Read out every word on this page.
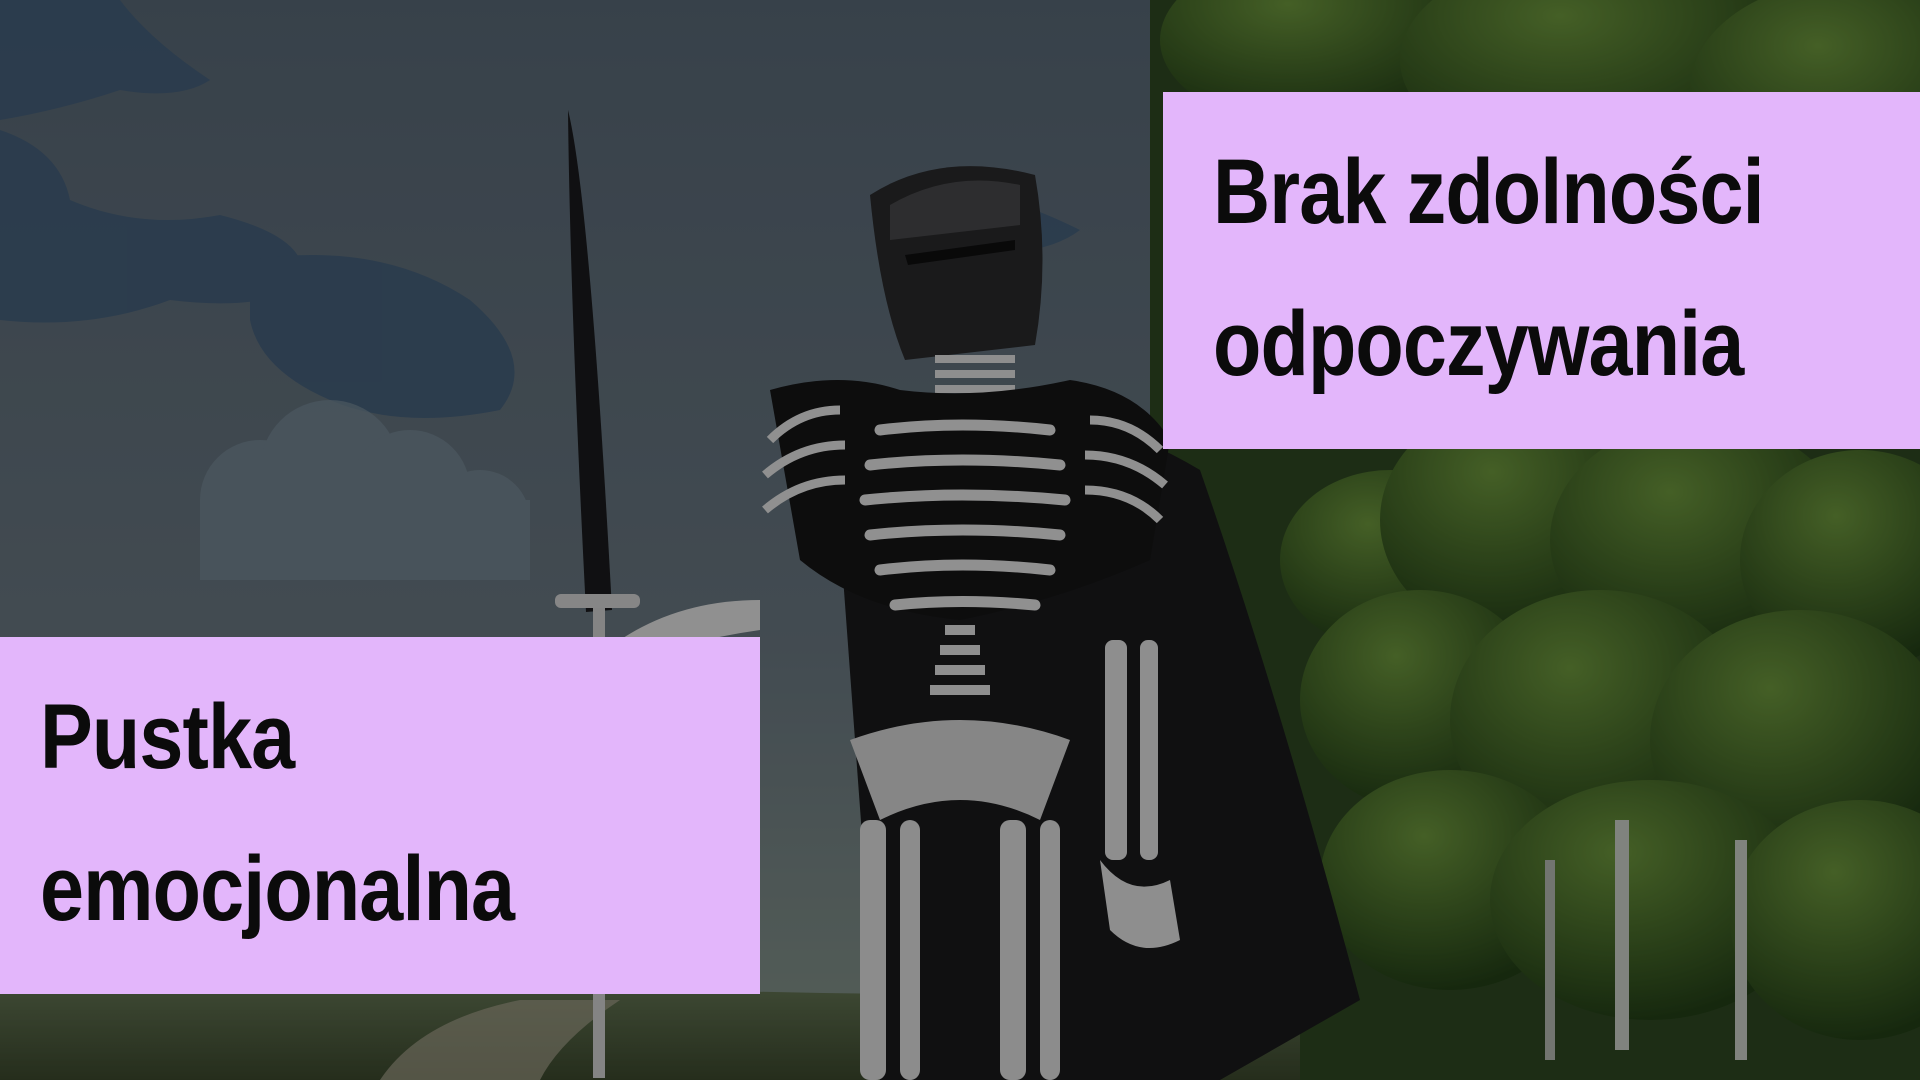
Brak zdolności
odpoczywania
Pustka
emocjonalna
